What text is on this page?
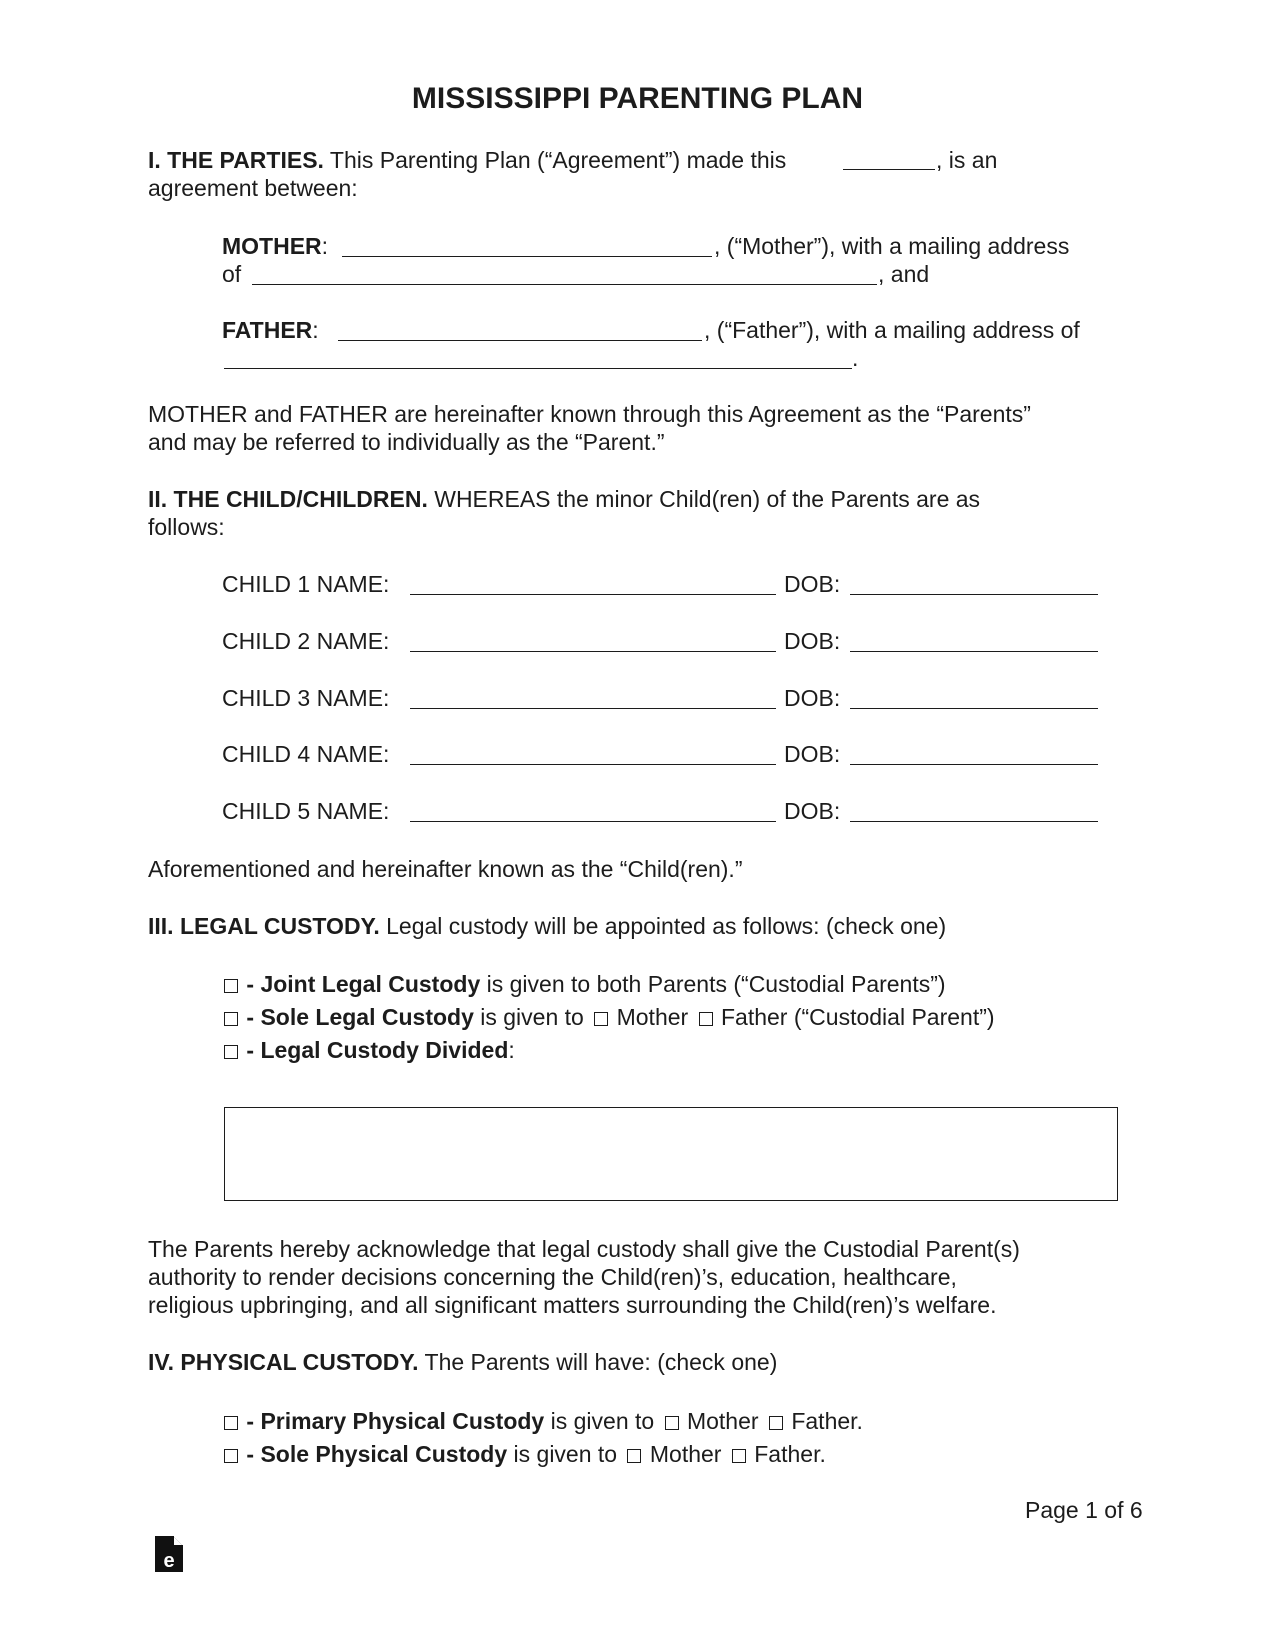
MISSISSIPPI PARENTING PLAN
I. THE PARTIES. This Parenting Plan (“Agreement”) made this	, is an
agreement between:
MOTHER:	, (“Mother”), with a mailing address
of	, and
FATHER:	, (“Father”), with a mailing address of
.
MOTHER and FATHER are hereinafter known through this Agreement as the “Parents”
and may be referred to individually as the “Parent.”
II. THE CHILD/CHILDREN. WHEREAS the minor Child(ren) of the Parents are as
follows:
CHILD 1 NAME:	DOB:
CHILD 2 NAME:	DOB:
CHILD 3 NAME:	DOB:
CHILD 4 NAME:	DOB:
CHILD 5 NAME:	DOB:
Aforementioned and hereinafter known as the “Child(ren).”
III. LEGAL CUSTODY. Legal custody will be appointed as follows: (check one)
- Joint Legal Custody is given to both Parents (“Custodial Parents”)
- Sole Legal Custody is given to Mother Father (“Custodial Parent”)
- Legal Custody Divided:
The Parents hereby acknowledge that legal custody shall give the Custodial Parent(s)
authority to render decisions concerning the Child(ren)’s, education, healthcare,
religious upbringing, and all significant matters surrounding the Child(ren)’s welfare.
IV. PHYSICAL CUSTODY. The Parents will have: (check one)
- Primary Physical Custody is given to Mother Father.
- Sole Physical Custody is given to Mother Father.
Page 1 of 6
e
